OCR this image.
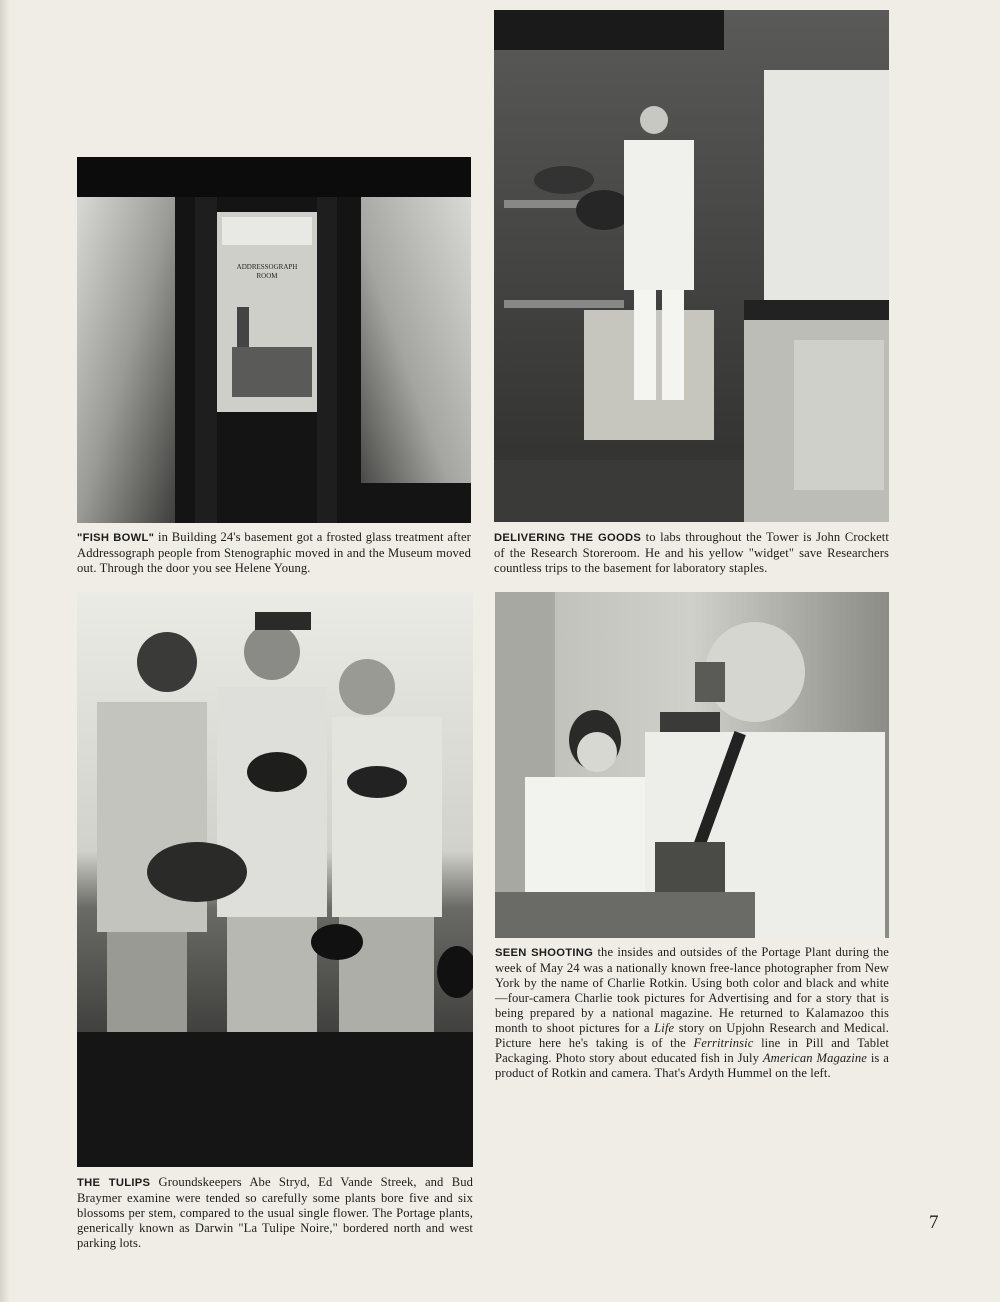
ADDRESSOGRAPH
ROOM
"FISH BOWL" in Building 24's basement got a frosted glass treatment after Addressograph people from Stenographic moved in and the Museum moved out. Through the door you see Helene Young.
DELIVERING THE GOODS to labs throughout the Tower is John Crockett of the Research Storeroom. He and his yellow "widget" save Researchers countless trips to the basement for laboratory staples.
SEEN SHOOTING the insides and outsides of the Portage Plant during the week of May 24 was a nationally known free-lance photographer from New York by the name of Charlie Rotkin. Using both color and black and white—four-camera Charlie took pictures for Advertising and for a story that is being prepared by a national magazine. He returned to Kalamazoo this month to shoot pictures for a Life story on Upjohn Research and Medical. Picture here he's taking is of the Ferritrinsic line in Pill and Tablet Packaging. Photo story about educated fish in July American Magazine is a product of Rotkin and camera. That's Ardyth Hummel on the left.
THE TULIPS Groundskeepers Abe Stryd, Ed Vande Streek, and Bud Braymer examine were tended so carefully some plants bore five and six blossoms per stem, compared to the usual single flower. The Portage plants, generically known as Darwin "La Tulipe Noire," bordered north and west parking lots.
7
